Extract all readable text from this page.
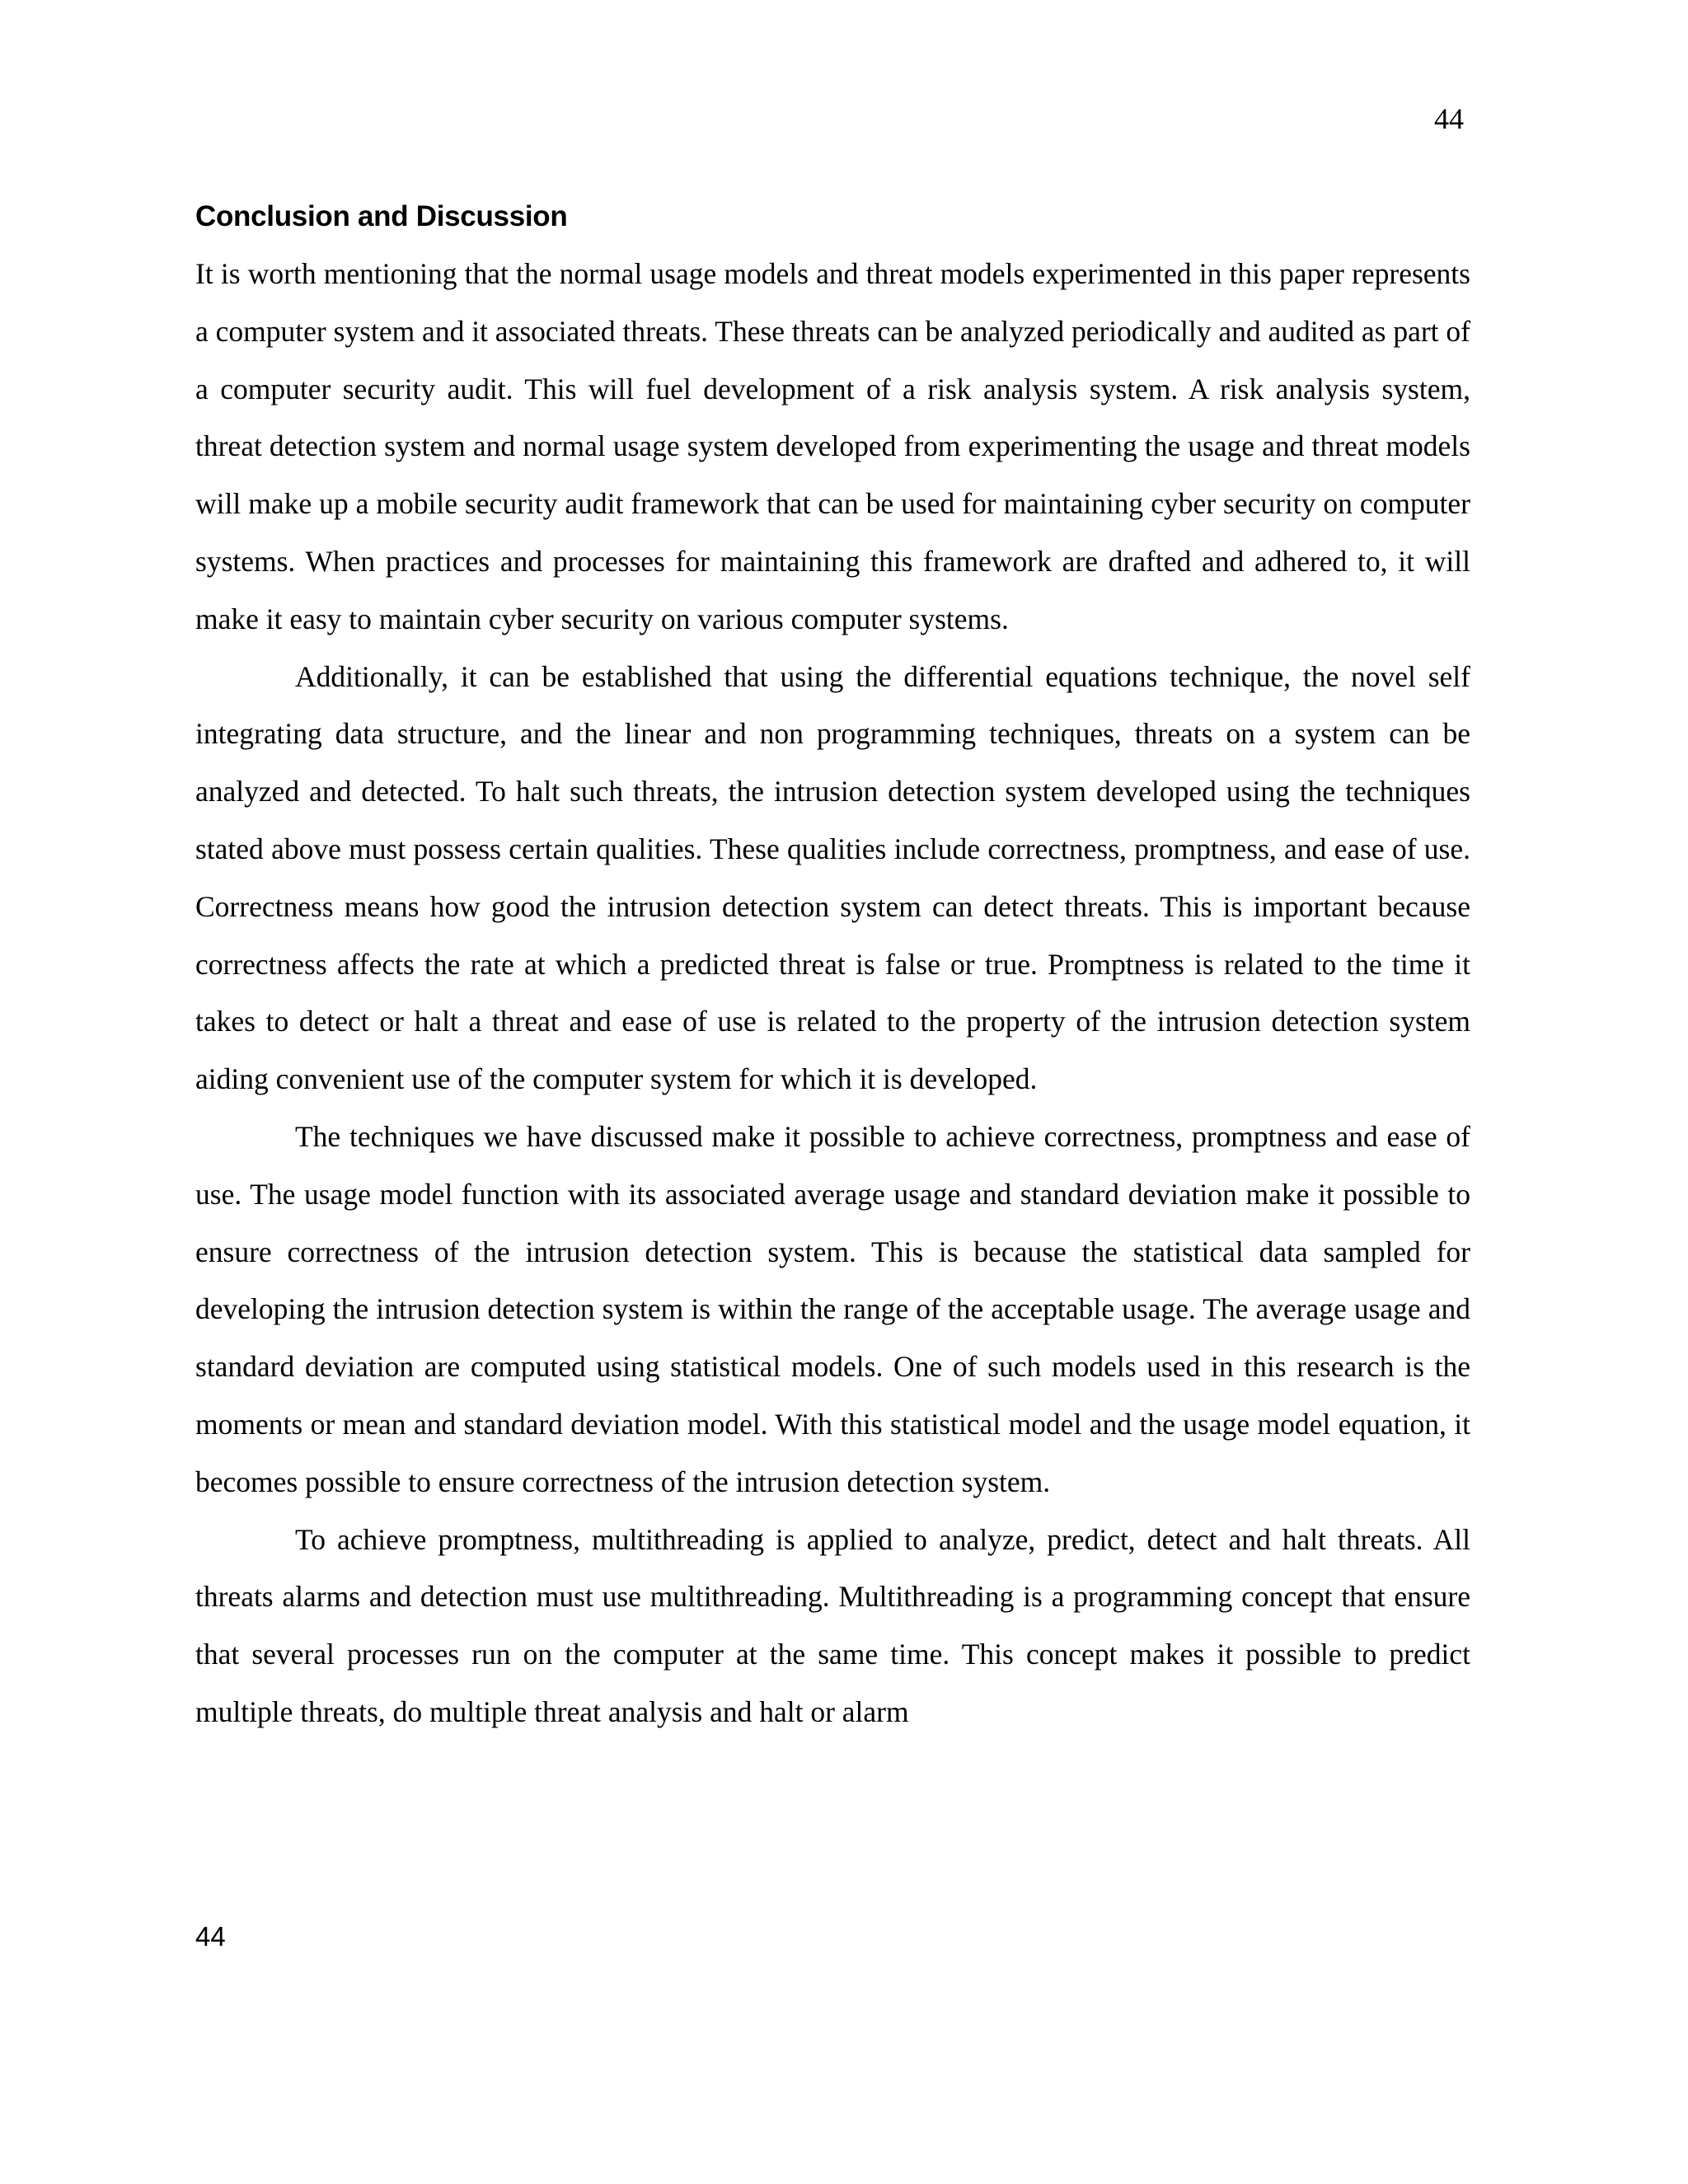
44
Conclusion and Discussion

It is worth mentioning that the normal usage models and threat models experimented in this paper represents a computer system and it associated threats. These threats can be analyzed periodically and audited as part of a computer security audit. This will fuel development of a risk analysis system. A risk analysis system, threat detection system and normal usage system developed from experimenting the usage and threat models will make up a mobile security audit framework that can be used for maintaining cyber security on computer systems. When practices and processes for maintaining this framework are drafted and adhered to, it will make it easy to maintain cyber security on various computer systems.

Additionally, it can be established that using the differential equations technique, the novel self integrating data structure, and the linear and non programming techniques, threats on a system can be analyzed and detected. To halt such threats, the intrusion detection system developed using the techniques stated above must possess certain qualities. These qualities include correctness, promptness, and ease of use. Correctness means how good the intrusion detection system can detect threats. This is important because correctness affects the rate at which a predicted threat is false or true. Promptness is related to the time it takes to detect or halt a threat and ease of use is related to the property of the intrusion detection system aiding convenient use of the computer system for which it is developed.

The techniques we have discussed make it possible to achieve correctness, promptness and ease of use. The usage model function with its associated average usage and standard deviation make it possible to ensure correctness of the intrusion detection system. This is because the statistical data sampled for developing the intrusion detection system is within the range of the acceptable usage. The average usage and standard deviation are computed using statistical models. One of such models used in this research is the moments or mean and standard deviation model. With this statistical model and the usage model equation, it becomes possible to ensure correctness of the intrusion detection system.

To achieve promptness, multithreading is applied to analyze, predict, detect and halt threats. All threats alarms and detection must use multithreading. Multithreading is a programming concept that ensure that several processes run on the computer at the same time. This concept makes it possible to predict multiple threats, do multiple threat analysis and halt or alarm

44
